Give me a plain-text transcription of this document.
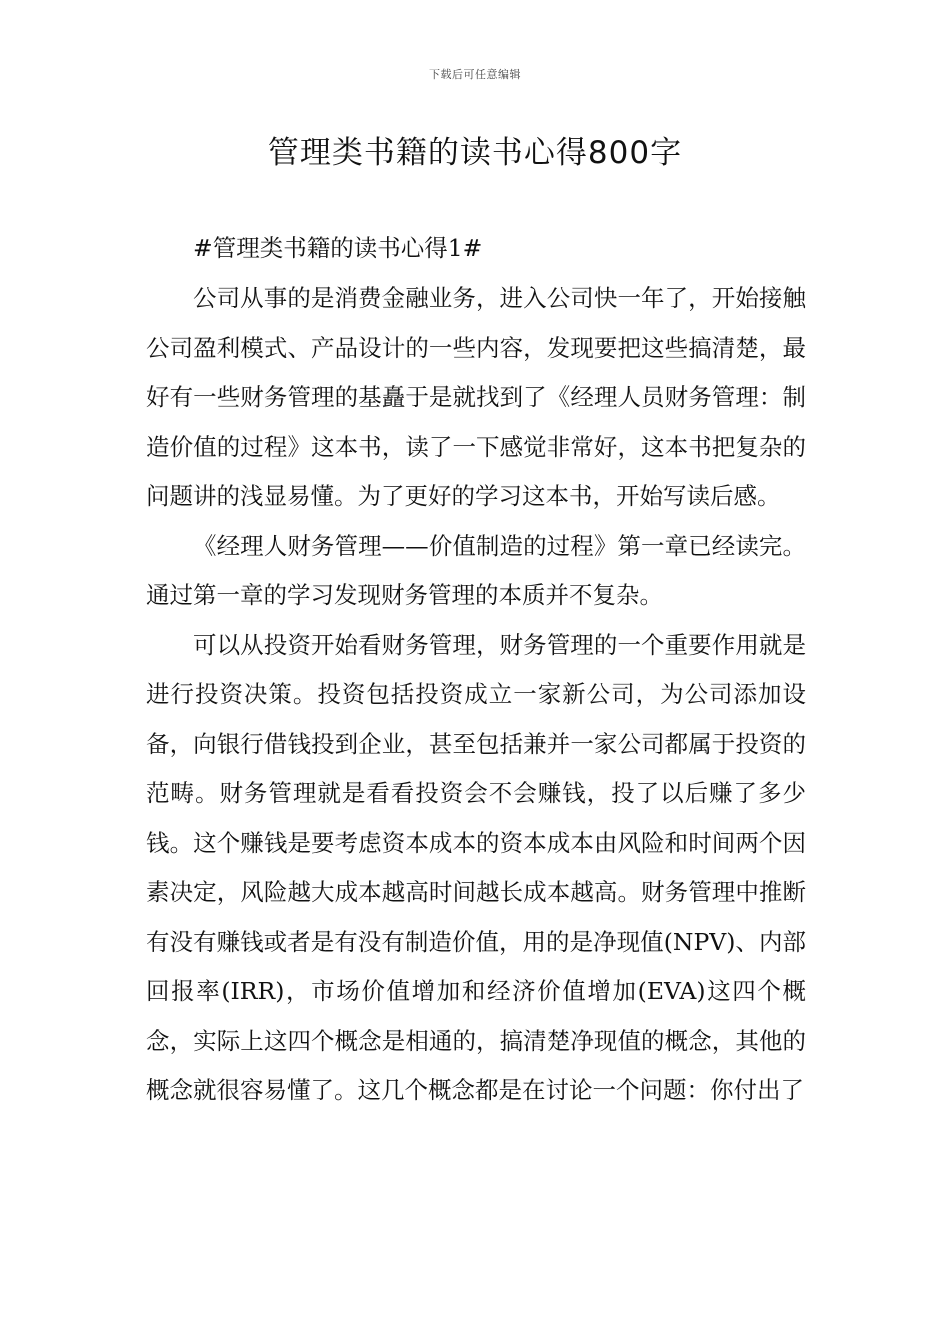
下载后可任意编辑
管理类书籍的读书心得800字
#管理类书籍的读书心得1#

公司从事的是消费金融业务，进入公司快一年了，开始接触公司盈利模式、产品设计的一些内容，发现要把这些搞清楚，最好有一些财务管理的基矗于是就找到了《经理人员财务管理：制造价值的过程》这本书，读了一下感觉非常好，这本书把复杂的问题讲的浅显易懂。为了更好的学习这本书，开始写读后感。

《经理人财务管理——价值制造的过程》第一章已经读完。通过第一章的学习发现财务管理的本质并不复杂。

可以从投资开始看财务管理，财务管理的一个重要作用就是进行投资决策。投资包括投资成立一家新公司，为公司添加设备，向银行借钱投到企业，甚至包括兼并一家公司都属于投资的范畴。财务管理就是看看投资会不会赚钱，投了以后赚了多少钱。这个赚钱是要考虑资本成本的资本成本由风险和时间两个因素决定，风险越大成本越高时间越长成本越高。财务管理中推断有没有赚钱或者是有没有制造价值，用的是净现值(NPV)、内部回报率(IRR)，市场价值增加和经济价值增加(EVA)这四个概念，实际上这四个概念是相通的，搞清楚净现值的概念，其他的概念就很容易懂了。这几个概念都是在讨论一个问题：你付出了
